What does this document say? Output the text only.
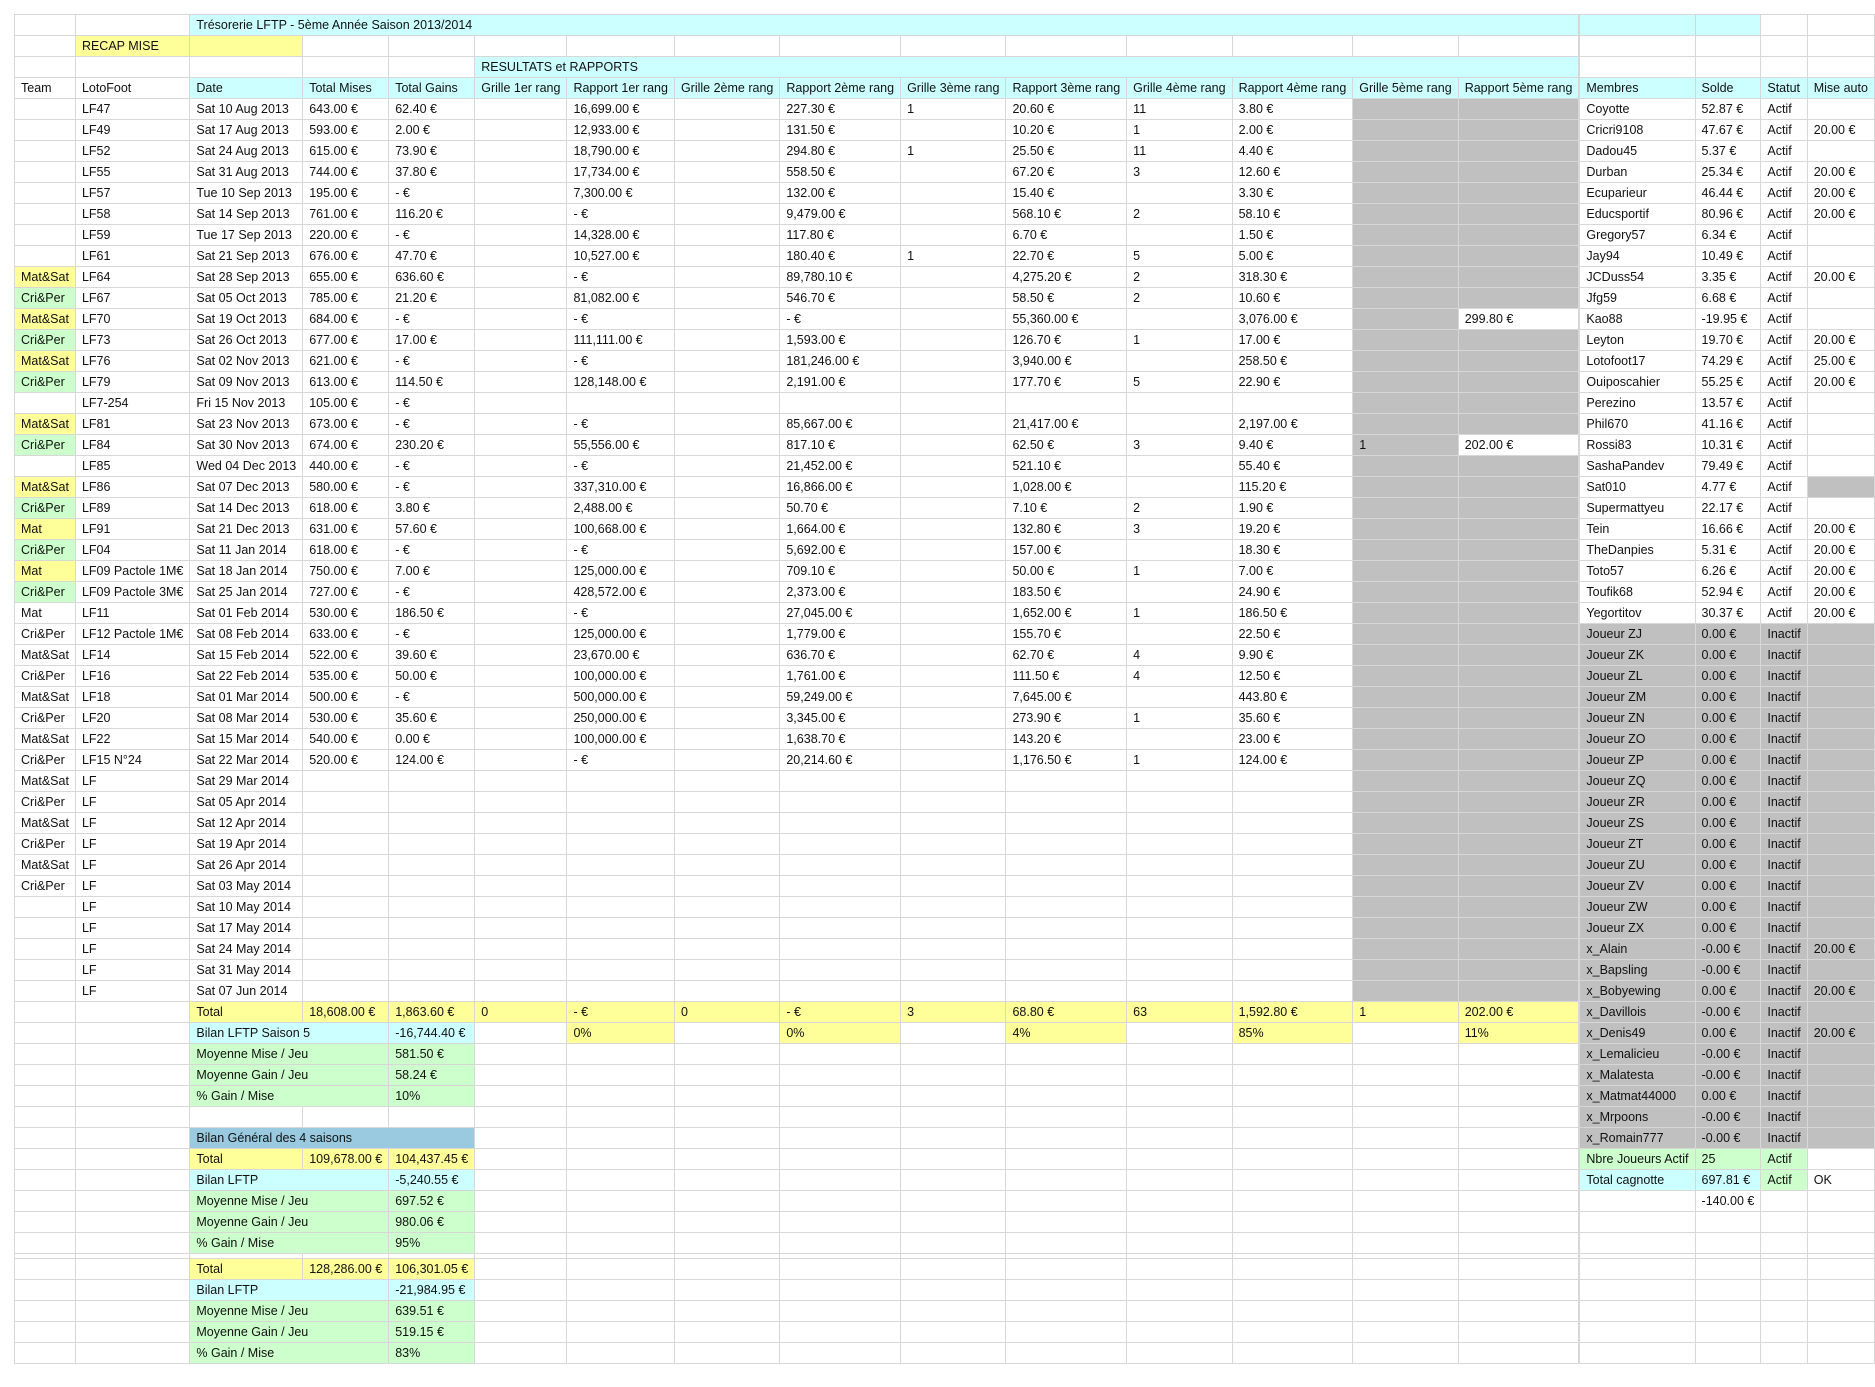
		Trésorerie LFTP - 5ème Année Saison 2013/2014																
	RECAP MISE																		
					RESULTATS et RAPPORTS													
Team	LotoFoot	Date	Total Mises	Total Gains	Grille 1er rang	Rapport 1er rang	Grille 2ème rang	Rapport 2ème rang	Grille 3ème rang	Rapport 3ème rang	Grille 4ème rang	Rapport 4ème rang	Grille 5ème rang	Rapport 5ème rang		Membres	Solde	Statut	Mise auto
	LF47	Sat 10 Aug 2013	643.00 €	62.40 €		16,699.00 €		227.30 €	1	20.60 €	11	3.80 €				Coyotte	52.87 €	Actif	
	LF49	Sat 17 Aug 2013	593.00 €	2.00 €		12,933.00 €		131.50 €		10.20 €	1	2.00 €				Cricri9108	47.67 €	Actif	20.00 €
	LF52	Sat 24 Aug 2013	615.00 €	73.90 €		18,790.00 €		294.80 €	1	25.50 €	11	4.40 €				Dadou45	5.37 €	Actif	
	LF55	Sat 31 Aug 2013	744.00 €	37.80 €		17,734.00 €		558.50 €		67.20 €	3	12.60 €				Durban	25.34 €	Actif	20.00 €
	LF57	Tue 10 Sep 2013	195.00 €	- €		7,300.00 €		132.00 €		15.40 €		3.30 €				Ecuparieur	46.44 €	Actif	20.00 €
	LF58	Sat 14 Sep 2013	761.00 €	116.20 €		- €		9,479.00 €		568.10 €	2	58.10 €				Educsportif	80.96 €	Actif	20.00 €
	LF59	Tue 17 Sep 2013	220.00 €	- €		14,328.00 €		117.80 €		6.70 €		1.50 €				Gregory57	6.34 €	Actif	
	LF61	Sat 21 Sep 2013	676.00 €	47.70 €		10,527.00 €		180.40 €	1	22.70 €	5	5.00 €				Jay94	10.49 €	Actif	
Mat&Sat	LF64	Sat 28 Sep 2013	655.00 €	636.60 €		- €		89,780.10 €		4,275.20 €	2	318.30 €				JCDuss54	3.35 €	Actif	20.00 €
Cri&Per	LF67	Sat 05 Oct 2013	785.00 €	21.20 €		81,082.00 €		546.70 €		58.50 €	2	10.60 €				Jfg59	6.68 €	Actif	
Mat&Sat	LF70	Sat 19 Oct 2013	684.00 €	- €		- €		- €		55,360.00 €		3,076.00 €		299.80 €		Kao88	-19.95 €	Actif	
Cri&Per	LF73	Sat 26 Oct 2013	677.00 €	17.00 €		111,111.00 €		1,593.00 €		126.70 €	1	17.00 €				Leyton	19.70 €	Actif	20.00 €
Mat&Sat	LF76	Sat 02 Nov 2013	621.00 €	- €		- €		181,246.00 €		3,940.00 €		258.50 €				Lotofoot17	74.29 €	Actif	25.00 €
Cri&Per	LF79	Sat 09 Nov 2013	613.00 €	114.50 €		128,148.00 €		2,191.00 €		177.70 €	5	22.90 €				Ouiposcahier	55.25 €	Actif	20.00 €
	LF7-254	Fri 15 Nov 2013	105.00 €	- €												Perezino	13.57 €	Actif	
Mat&Sat	LF81	Sat 23 Nov 2013	673.00 €	- €		- €		85,667.00 €		21,417.00 €		2,197.00 €				Phil670	41.16 €	Actif	
Cri&Per	LF84	Sat 30 Nov 2013	674.00 €	230.20 €		55,556.00 €		817.10 €		62.50 €	3	9.40 €	1	202.00 €		Rossi83	10.31 €	Actif	
	LF85	Wed 04 Dec 2013	440.00 €	- €		- €		21,452.00 €		521.10 €		55.40 €				SashaPandev	79.49 €	Actif	
Mat&Sat	LF86	Sat 07 Dec 2013	580.00 €	- €		337,310.00 €		16,866.00 €		1,028.00 €		115.20 €				Sat010	4.77 €	Actif	
Cri&Per	LF89	Sat 14 Dec 2013	618.00 €	3.80 €		2,488.00 €		50.70 €		7.10 €	2	1.90 €				Supermattyeu	22.17 €	Actif	
Mat	LF91	Sat 21 Dec 2013	631.00 €	57.60 €		100,668.00 €		1,664.00 €		132.80 €	3	19.20 €				Tein	16.66 €	Actif	20.00 €
Cri&Per	LF04	Sat 11 Jan 2014	618.00 €	- €		- €		5,692.00 €		157.00 €		18.30 €				TheDanpies	5.31 €	Actif	20.00 €
Mat	LF09 Pactole 1M€	Sat 18 Jan 2014	750.00 €	7.00 €		125,000.00 €		709.10 €		50.00 €	1	7.00 €				Toto57	6.26 €	Actif	20.00 €
Cri&Per	LF09 Pactole 3M€	Sat 25 Jan 2014	727.00 €	- €		428,572.00 €		2,373.00 €		183.50 €		24.90 €				Toufik68	52.94 €	Actif	20.00 €
Mat	LF11	Sat 01 Feb 2014	530.00 €	186.50 €		- €		27,045.00 €		1,652.00 €	1	186.50 €				Yegortitov	30.37 €	Actif	20.00 €
Cri&Per	LF12 Pactole 1M€	Sat 08 Feb 2014	633.00 €	- €		125,000.00 €		1,779.00 €		155.70 €		22.50 €				Joueur ZJ	0.00 €	Inactif	
Mat&Sat	LF14	Sat 15 Feb 2014	522.00 €	39.60 €		23,670.00 €		636.70 €		62.70 €	4	9.90 €				Joueur ZK	0.00 €	Inactif	
Cri&Per	LF16	Sat 22 Feb 2014	535.00 €	50.00 €		100,000.00 €		1,761.00 €		111.50 €	4	12.50 €				Joueur ZL	0.00 €	Inactif	
Mat&Sat	LF18	Sat 01 Mar 2014	500.00 €	- €		500,000.00 €		59,249.00 €		7,645.00 €		443.80 €				Joueur ZM	0.00 €	Inactif	
Cri&Per	LF20	Sat 08 Mar 2014	530.00 €	35.60 €		250,000.00 €		3,345.00 €		273.90 €	1	35.60 €				Joueur ZN	0.00 €	Inactif	
Mat&Sat	LF22	Sat 15 Mar 2014	540.00 €	0.00 €		100,000.00 €		1,638.70 €		143.20 €		23.00 €				Joueur ZO	0.00 €	Inactif	
Cri&Per	LF15 N°24	Sat 22 Mar 2014	520.00 €	124.00 €		- €		20,214.60 €		1,176.50 €	1	124.00 €				Joueur ZP	0.00 €	Inactif	
Mat&Sat	LF	Sat 29 Mar 2014														Joueur ZQ	0.00 €	Inactif	
Cri&Per	LF	Sat 05 Apr 2014														Joueur ZR	0.00 €	Inactif	
Mat&Sat	LF	Sat 12 Apr 2014														Joueur ZS	0.00 €	Inactif	
Cri&Per	LF	Sat 19 Apr 2014														Joueur ZT	0.00 €	Inactif	
Mat&Sat	LF	Sat 26 Apr 2014														Joueur ZU	0.00 €	Inactif	
Cri&Per	LF	Sat 03 May 2014														Joueur ZV	0.00 €	Inactif	
	LF	Sat 10 May 2014														Joueur ZW	0.00 €	Inactif	
	LF	Sat 17 May 2014														Joueur ZX	0.00 €	Inactif	
	LF	Sat 24 May 2014														x_Alain	-0.00 €	Inactif	20.00 €
	LF	Sat 31 May 2014														x_Bapsling	-0.00 €	Inactif	
	LF	Sat 07 Jun 2014														x_Bobyewing	0.00 €	Inactif	20.00 €
		Total	18,608.00 €	1,863.60 €	0	- €	0	- €	3	68.80 €	63	1,592.80 €	1	202.00 €		x_Davillois	-0.00 €	Inactif	
		Bilan LFTP Saison 5		-16,744.40 €		0%		0%		4%		85%		11%		x_Denis49	0.00 €	Inactif	20.00 €
		Moyenne Mise / Jeu		581.50 €												x_Lemalicieu	-0.00 €	Inactif	
		Moyenne Gain / Jeu		58.24 €												x_Malatesta	-0.00 €	Inactif	
		% Gain / Mise		10%												x_Matmat44000	0.00 €	Inactif	
																x_Mrpoons	-0.00 €	Inactif	
		Bilan Général des 4 saisons													x_Romain777	-0.00 €	Inactif	
		Total	109,678.00 €	104,437.45 €												Nbre Joueurs Actif	25	Actif	
		Bilan LFTP		-5,240.55 €												Total cagnotte	697.81 €	Actif	OK
		Moyenne Mise / Jeu		697.52 €													-140.00 €		
		Moyenne Gain / Jeu		980.06 €															
		% Gain / Mise		95%															

		Total	128,286.00 €	106,301.05 €															
		Bilan LFTP		-21,984.95 €															
		Moyenne Mise / Jeu		639.51 €															
		Moyenne Gain / Jeu		519.15 €															
		% Gain / Mise		83%															
